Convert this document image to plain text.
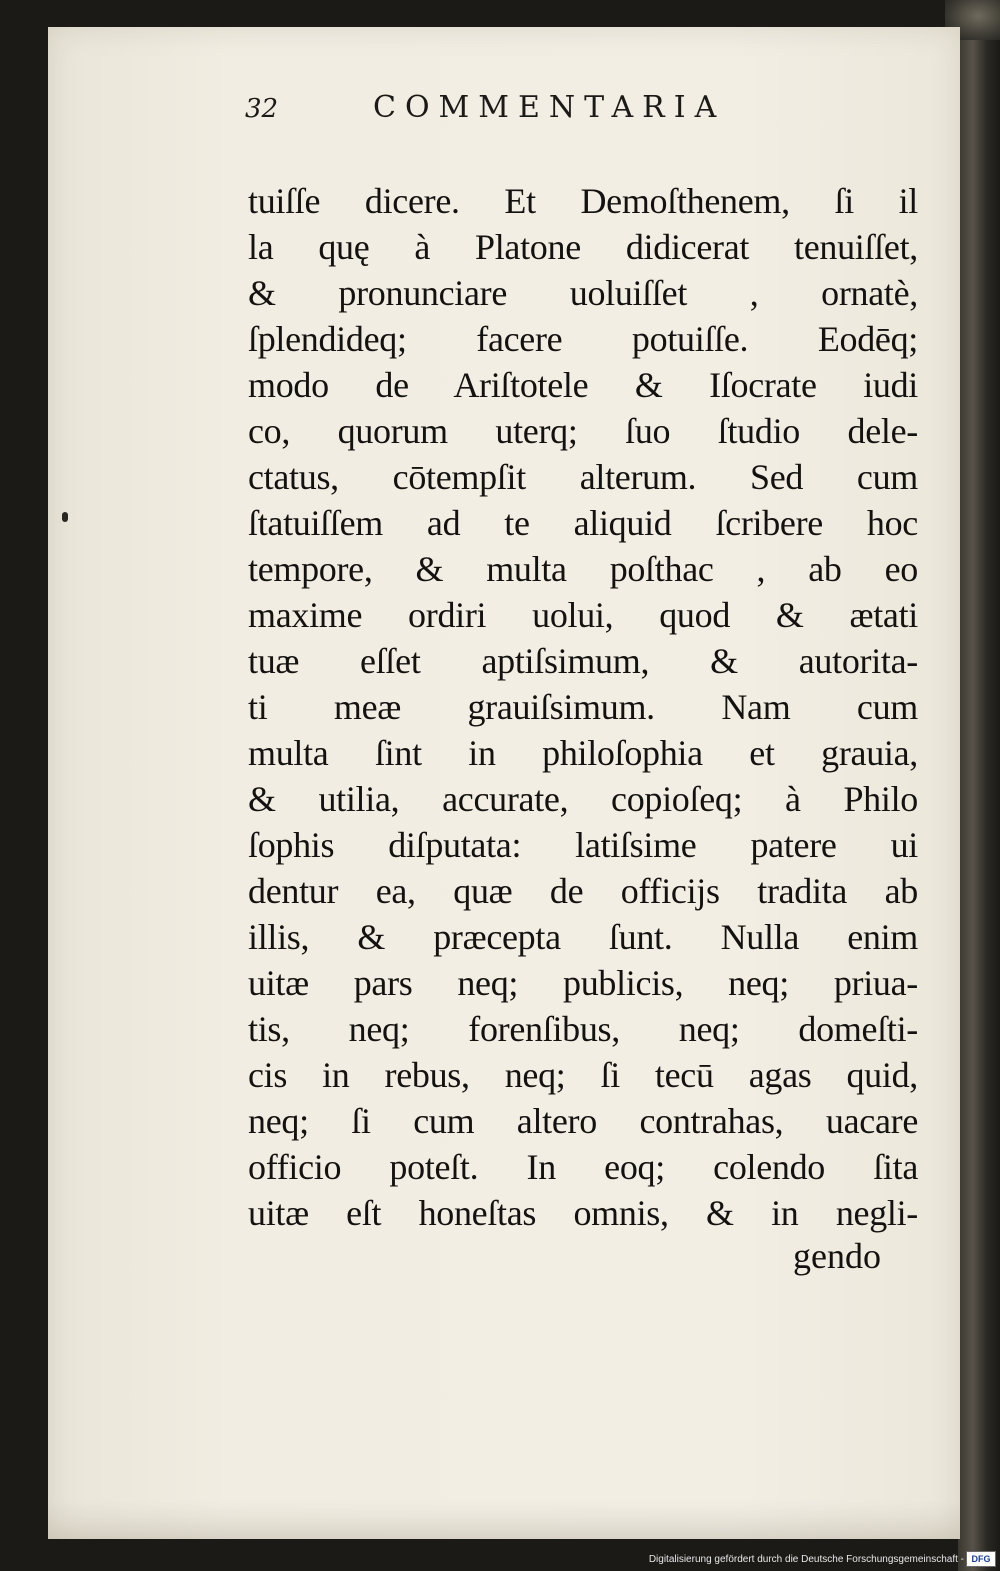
32	COMMENTARIA
tuiſſe dicere. Et Demoſthenem, ſi il
la quę à Platone didicerat tenuiſſet,
& pronunciare uoluiſſet , ornatè,
ſplendideq; facere potuiſſe. Eodēq;
modo de Ariſtotele & Iſocrate iudi
co, quorum uterq; ſuo ſtudio dele-
ctatus, cōtempſit alterum. Sed cum
ſtatuiſſem ad te aliquid ſcribere hoc
tempore, & multa poſthac , ab eo
maxime ordiri uolui, quod & ætati
tuæ eſſet aptiſsimum, & autorita-
ti meæ grauiſsimum. Nam cum
multa ſint in philoſophia et grauia,
& utilia, accurate, copioſeq; à Philo
ſophis diſputata: latiſsime patere ui
dentur ea, quæ de officijs tradita ab
illis, & præcepta ſunt. Nulla enim
uitæ pars neq; publicis, neq; priua-
tis, neq; forenſibus, neq; domeſti-
cis in rebus, neq; ſi tecū agas quid,
neq; ſi cum altero contrahas, uacare
officio poteſt. In eoq; colendo ſita
uitæ eſt honeſtas omnis, & in negli-
gendo
Digitalisierung gefördert durch die Deutsche Forschungsgemeinschaft - DFG
